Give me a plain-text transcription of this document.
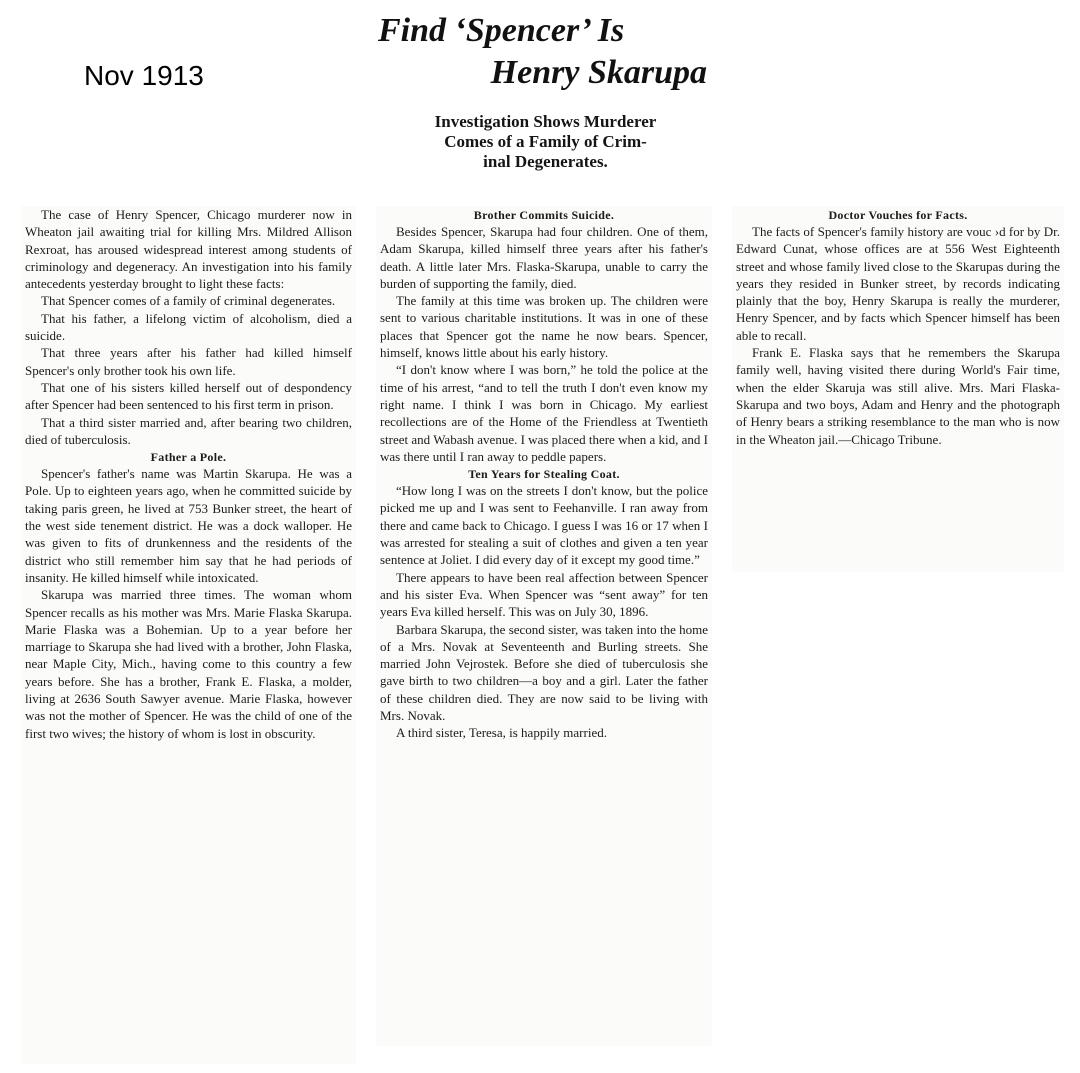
Nov 1913
Find ‘Spencer’ Is
Henry Skarupa
Investigation Shows Murderer
Comes of a Family of Crim-
inal Degenerates.

The case of Henry Spencer, Chicago murderer now in Wheaton jail awaiting trial for killing Mrs. Mildred Allison Rexroat, has aroused widespread interest among students of criminology and degeneracy. An investigation into his family antecedents yesterday brought to light these facts:

That Spencer comes of a family of criminal degenerates.

That his father, a lifelong victim of alcoholism, died a suicide.

That three years after his father had killed himself Spencer's only brother took his own life.

That one of his sisters killed herself out of despondency after Spencer had been sentenced to his first term in prison.

That a third sister married and, after bearing two children, died of tuberculosis.

Father a Pole.

Spencer's father's name was Martin Skarupa. He was a Pole. Up to eighteen years ago, when he committed suicide by taking paris green, he lived at 753 Bunker street, the heart of the west side tenement district. He was a dock walloper. He was given to fits of drunkenness and the residents of the district who still remember him say that he had periods of insanity. He killed himself while intoxicated.

Skarupa was married three times. The woman whom Spencer recalls as his mother was Mrs. Marie Flaska Skarupa. Marie Flaska was a Bohemian. Up to a year before her marriage to Skarupa she had lived with a brother, John Flaska, near Maple City, Mich., having come to this country a few years before. She has a brother, Frank E. Flaska, a molder, living at 2636 South Sawyer avenue. Marie Flaska, however was not the mother of Spencer. He was the child of one of the first two wives; the history of whom is lost in obscurity.

Brother Commits Suicide.

Besides Spencer, Skarupa had four children. One of them, Adam Skarupa, killed himself three years after his father's death. A little later Mrs. Flaska-Skarupa, unable to carry the burden of supporting the family, died.

The family at this time was broken up. The children were sent to various charitable institutions. It was in one of these places that Spencer got the name he now bears. Spencer, himself, knows little about his early history.

“I don't know where I was born,” he told the police at the time of his arrest, “and to tell the truth I don't even know my right name. I think I was born in Chicago. My earliest recollections are of the Home of the Friendless at Twentieth street and Wabash avenue. I was placed there when a kid, and I was there until I ran away to peddle papers.

Ten Years for Stealing Coat.

“How long I was on the streets I don't know, but the police picked me up and I was sent to Feehanville. I ran away from there and came back to Chicago. I guess I was 16 or 17 when I was arrested for stealing a suit of clothes and given a ten year sentence at Joliet. I did every day of it except my good time.”

There appears to have been real affection between Spencer and his sister Eva. When Spencer was “sent away” for ten years Eva killed herself. This was on July 30, 1896.

Barbara Skarupa, the second sister, was taken into the home of a Mrs. Novak at Seventeenth and Burling streets. She married John Vejrostek. Before she died of tuberculosis she gave birth to two children—a boy and a girl. Later the father of these children died. They are now said to be living with Mrs. Novak.

A third sister, Teresa, is happily married.

Doctor Vouches for Facts.

The facts of Spencer's family history are vouc ›d for by Dr. Edward Cunat, whose offices are at 556 West Eighteenth street and whose family lived close to the Skarupas during the years they resided in Bunker street, by records indicating plainly that the boy, Henry Skarupa is really the murderer, Henry Spencer, and by facts which Spencer himself has been able to recall.

Frank E. Flaska says that he remembers the Skarupa family well, having visited there during World's Fair time, when the elder Skaruja was still alive. Mrs. Mari Flaska-Skarupa and two boys, Adam and Henry and the photograph of Henry bears a striking resemblance to the man who is now in the Wheaton jail.—Chicago Tribune.
